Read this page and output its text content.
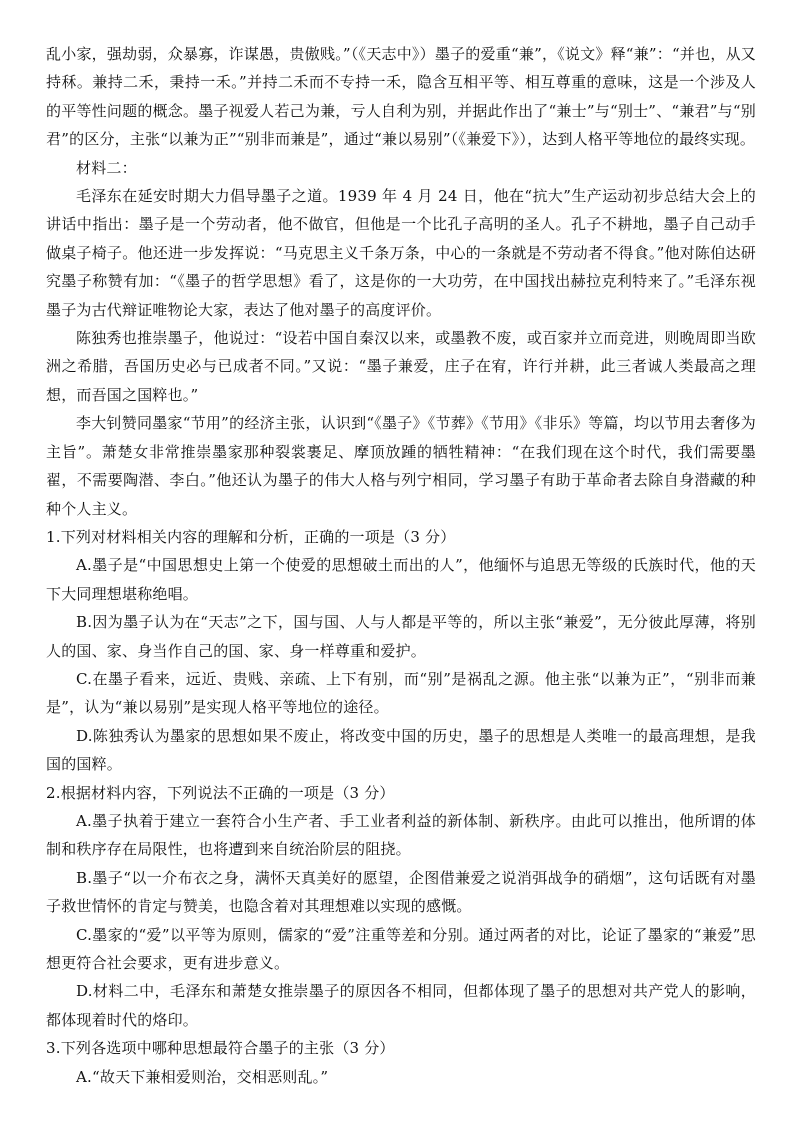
乱小家，强劫弱，众暴寡，诈谋愚，贵傲贱。”（《天志中》）墨子的爱重“兼”，《说文》释“兼”：“并也，从又持秝。兼持二禾，秉持一禾。”并持二禾而不专持一禾，隐含互相平等、相互尊重的意味，这是一个涉及人的平等性问题的概念。墨子视爱人若己为兼，亏人自利为别，并据此作出了“兼士”与“别士”、“兼君”与“别君”的区分，主张“以兼为正”“别非而兼是”，通过“兼以易别”（《兼爱下》），达到人格平等地位的最终实现。

材料二：

毛泽东在延安时期大力倡导墨子之道。1939 年 4 月 24 日，他在“抗大”生产运动初步总结大会上的讲话中指出：墨子是一个劳动者，他不做官，但他是一个比孔子高明的圣人。孔子不耕地，墨子自己动手做桌子椅子。他还进一步发挥说：“马克思主义千条万条，中心的一条就是不劳动者不得食。”他对陈伯达研究墨子称赞有加：“《墨子的哲学思想》看了，这是你的一大功劳，在中国找出赫拉克利特来了。”毛泽东视墨子为古代辩证唯物论大家，表达了他对墨子的高度评价。

陈独秀也推崇墨子，他说过：“设若中国自秦汉以来，或墨教不废，或百家并立而竞进，则晚周即当欧洲之希腊，吾国历史必与已成者不同。”又说：“墨子兼爱，庄子在宥，许行并耕，此三者诚人类最高之理想，而吾国之国粹也。”

李大钊赞同墨家“节用”的经济主张，认识到“《墨子》《节葬》《节用》《非乐》等篇，均以节用去奢侈为主旨”。萧楚女非常推崇墨家那种裂裳裹足、摩顶放踵的牺牲精神：“在我们现在这个时代，我们需要墨翟，不需要陶潜、李白。”他还认为墨子的伟大人格与列宁相同，学习墨子有助于革命者去除自身潜藏的种种个人主义。

1.下列对材料相关内容的理解和分析，正确的一项是（3 分）

A.墨子是“中国思想史上第一个使爱的思想破土而出的人”，他缅怀与追思无等级的氏族时代，他的天下大同理想堪称绝唱。

B.因为墨子认为在“天志”之下，国与国、人与人都是平等的，所以主张“兼爱”，无分彼此厚薄，将别人的国、家、身当作自己的国、家、身一样尊重和爱护。

C.在墨子看来，远近、贵贱、亲疏、上下有别，而“别”是祸乱之源。他主张“以兼为正”，“别非而兼是”，认为“兼以易别”是实现人格平等地位的途径。

D.陈独秀认为墨家的思想如果不废止，将改变中国的历史，墨子的思想是人类唯一的最高理想，是我国的国粹。

2.根据材料内容，下列说法不正确的一项是（3 分）

A.墨子执着于建立一套符合小生产者、手工业者利益的新体制、新秩序。由此可以推出，他所谓的体制和秩序存在局限性，也将遭到来自统治阶层的阻挠。

B.墨子“以一介布衣之身，满怀天真美好的愿望，企图借兼爱之说消弭战争的硝烟”，这句话既有对墨子救世情怀的肯定与赞美，也隐含着对其理想难以实现的感慨。

C.墨家的“爱”以平等为原则，儒家的“爱”注重等差和分别。通过两者的对比，论证了墨家的“兼爱”思想更符合社会要求，更有进步意义。

D.材料二中，毛泽东和萧楚女推崇墨子的原因各不相同，但都体现了墨子的思想对共产党人的影响，都体现着时代的烙印。

3.下列各选项中哪种思想最符合墨子的主张（3 分）

A.“故天下兼相爱则治，交相恶则乱。”
